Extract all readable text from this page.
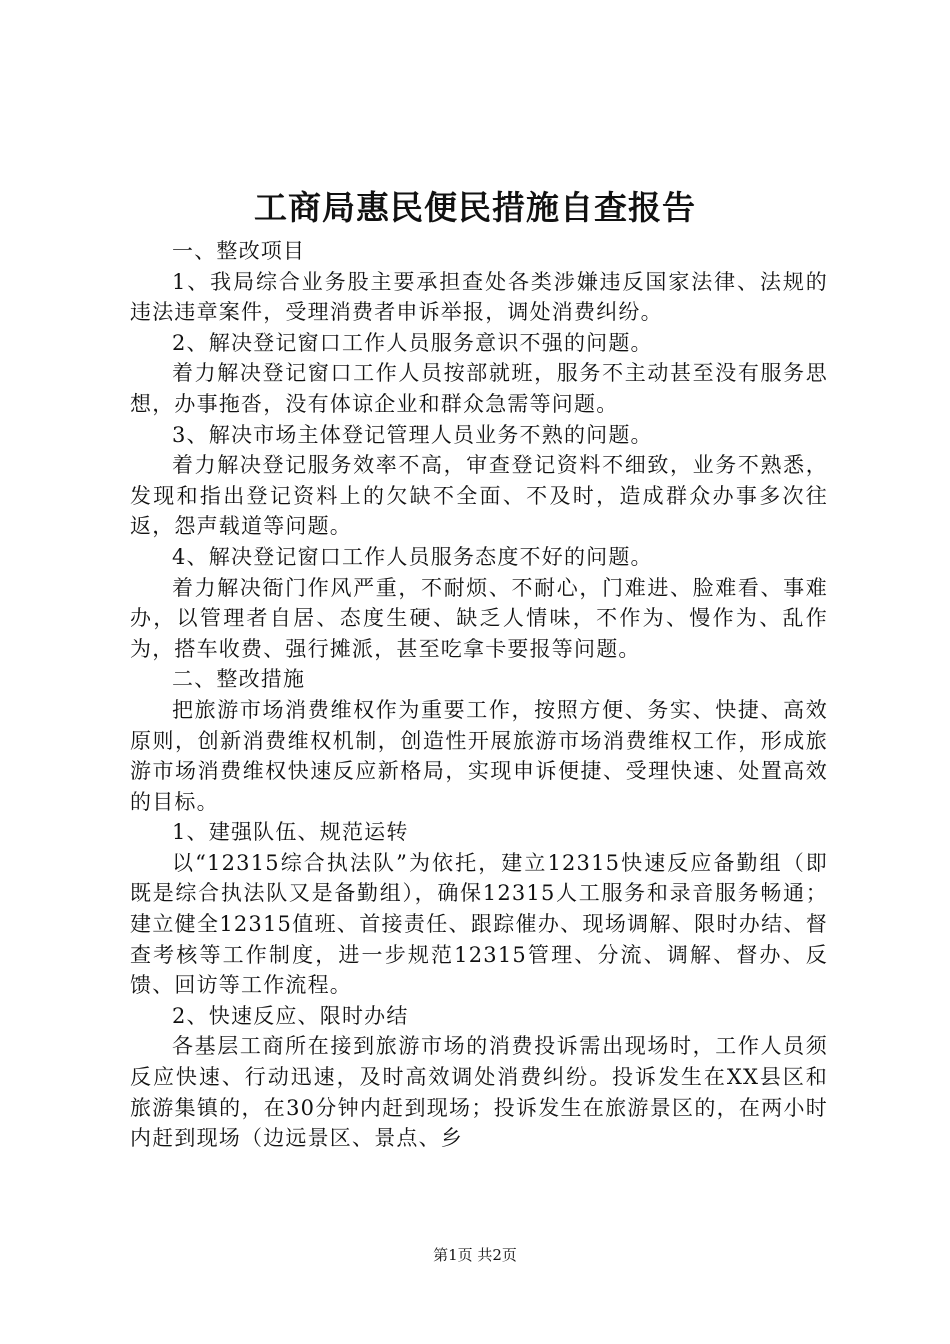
工商局惠民便民措施自查报告

一、整改项目

1、我局综合业务股主要承担查处各类涉嫌违反国家法律、法规的违法违章案件，受理消费者申诉举报，调处消费纠纷。

2、解决登记窗口工作人员服务意识不强的问题。

着力解决登记窗口工作人员按部就班，服务不主动甚至没有服务思想，办事拖沓，没有体谅企业和群众急需等问题。

3、解决市场主体登记管理人员业务不熟的问题。

着力解决登记服务效率不高，审查登记资料不细致，业务不熟悉，发现和指出登记资料上的欠缺不全面、不及时，造成群众办事多次往返，怨声载道等问题。

4、解决登记窗口工作人员服务态度不好的问题。

着力解决衙门作风严重，不耐烦、不耐心，门难进、脸难看、事难办，以管理者自居、态度生硬、缺乏人情味，不作为、慢作为、乱作为，搭车收费、强行摊派，甚至吃拿卡要报等问题。

二、整改措施

把旅游市场消费维权作为重要工作，按照方便、务实、快捷、高效原则，创新消费维权机制，创造性开展旅游市场消费维权工作，形成旅游市场消费维权快速反应新格局，实现申诉便捷、受理快速、处置高效的目标。

1、建强队伍、规范运转

以“12315综合执法队”为依托，建立12315快速反应备勤组（即既是综合执法队又是备勤组），确保12315人工服务和录音服务畅通；建立健全12315值班、首接责任、跟踪催办、现场调解、限时办结、督查考核等工作制度，进一步规范12315管理、分流、调解、督办、反馈、回访等工作流程。

2、快速反应、限时办结

各基层工商所在接到旅游市场的消费投诉需出现场时，工作人员须反应快速、行动迅速，及时高效调处消费纠纷。投诉发生在XX县区和旅游集镇的，在30分钟内赶到现场；投诉发生在旅游景区的，在两小时内赶到现场（边远景区、景点、乡

第1页 共2页
